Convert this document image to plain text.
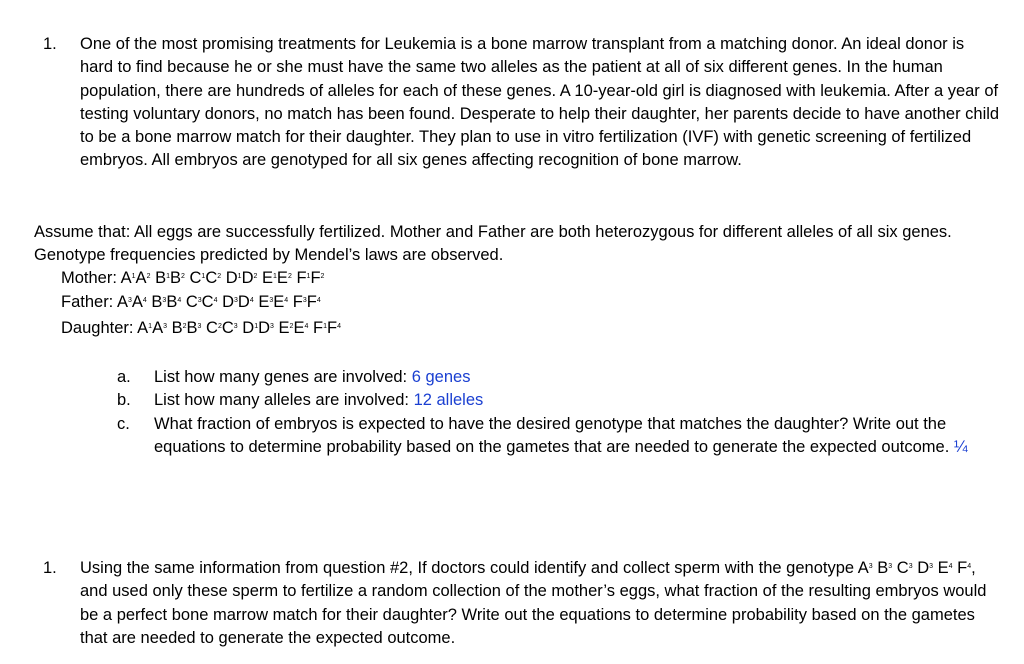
1. One of the most promising treatments for Leukemia is a bone marrow transplant from a matching donor. An ideal donor is hard to find because he or she must have the same two alleles as the patient at all of six different genes. In the human population, there are hundreds of alleles for each of these genes. A 10-year-old girl is diagnosed with leukemia. After a year of testing voluntary donors, no match has been found. Desperate to help their daughter, her parents decide to have another child to be a bone marrow match for their daughter. They plan to use in vitro fertilization (IVF) with genetic screening of fertilized embryos. All embryos are genotyped for all six genes affecting recognition of bone marrow.

Assume that: All eggs are successfully fertilized. Mother and Father are both heterozygous for different alleles of all six genes. Genotype frequencies predicted by Mendel’s laws are observed.

Mother: $A^1A^2$ $B^1B^2$ $C^1C^2$ $D^1D^2$ $E^1E^2$ $F^1F^2$

Father: $A^3A^4$ $B^3B^4$ $C^3C^4$ $D^3D^4$ $E^3E^4$ $F^3F^4$

Daughter: $A^1A^3$ $B^2B^3$ $C^2C^3$ $D^1D^3$ $E^2E^4$ $F^1F^4$

a. List how many genes are involved: 6 genes

b. List how many alleles are involved: 12 alleles

c. What fraction of embryos is expected to have the desired genotype that matches the daughter? Write out the equations to determine probability based on the gametes that are needed to generate the expected outcome. ¼

1. Using the same information from question #2, If doctors could identify and collect sperm with the genotype $A^3$ $B^3$ $C^3$ $D^3$ $E^4$ $F^4$, and used only these sperm to fertilize a random collection of the mother’s eggs, what fraction of the resulting embryos would be a perfect bone marrow match for their daughter? Write out the equations to determine probability based on the gametes that are needed to generate the expected outcome.
